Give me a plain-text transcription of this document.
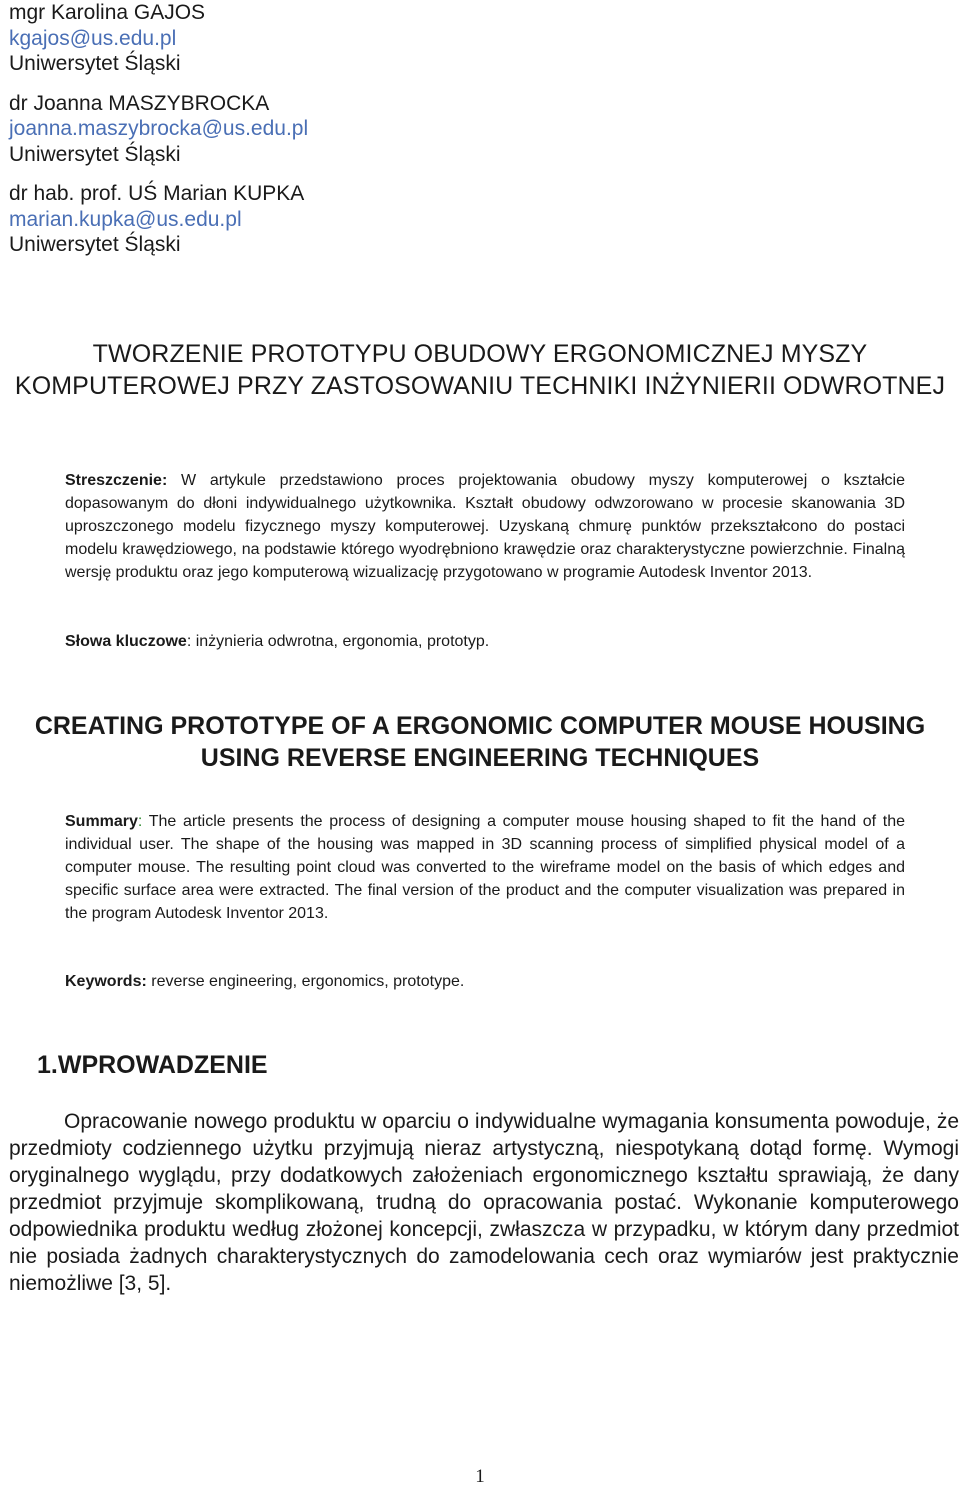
mgr Karolina GAJOS
kgajos@us.edu.pl
Uniwersytet Śląski
dr Joanna MASZYBROCKA
joanna.maszybrocka@us.edu.pl
Uniwersytet Śląski
dr hab. prof. UŚ Marian KUPKA
marian.kupka@us.edu.pl
Uniwersytet Śląski
TWORZENIE PROTOTYPU OBUDOWY ERGONOMICZNEJ MYSZY KOMPUTEROWEJ PRZY ZASTOSOWANIU TECHNIKI INŻYNIERII ODWROTNEJ

Streszczenie: W artykule przedstawiono proces projektowania obudowy myszy komputerowej o kształcie dopasowanym do dłoni indywidualnego użytkownika. Kształt obudowy odwzorowano w procesie skanowania 3D uproszczonego modelu fizycznego myszy komputerowej. Uzyskaną chmurę punktów przekształcono do postaci modelu krawędziowego, na podstawie którego wyodrębniono krawędzie oraz charakterystyczne powierzchnie. Finalną wersję produktu oraz jego komputerową wizualizację przygotowano w programie Autodesk Inventor 2013.

Słowa kluczowe: inżynieria odwrotna, ergonomia, prototyp.

CREATING PROTOTYPE OF A ERGONOMIC COMPUTER MOUSE HOUSING USING REVERSE ENGINEERING TECHNIQUES

Summary: The article presents the process of designing a computer mouse housing shaped to fit the hand of the individual user. The shape of the housing was mapped in 3D scanning process of simplified physical model of a computer mouse. The resulting point cloud was converted to the wireframe model on the basis of which edges and specific surface area were extracted. The final version of the product and the computer visualization was prepared in the program Autodesk Inventor 2013.

Keywords: reverse engineering, ergonomics, prototype.

1.WPROWADZENIE

Opracowanie nowego produktu w oparciu o indywidualne wymagania konsumenta powoduje, że przedmioty codziennego użytku przyjmują nieraz artystyczną, niespotykaną dotąd formę. Wymogi oryginalnego wyglądu, przy dodatkowych założeniach ergonomicznego kształtu sprawiają, że dany przedmiot przyjmuje skomplikowaną, trudną do opracowania postać. Wykonanie komputerowego odpowiednika produktu według złożonej koncepcji, zwłaszcza w przypadku, w którym dany przedmiot nie posiada żadnych charakterystycznych do zamodelowania cech oraz wymiarów jest praktycznie niemożliwe [3, 5].

1
